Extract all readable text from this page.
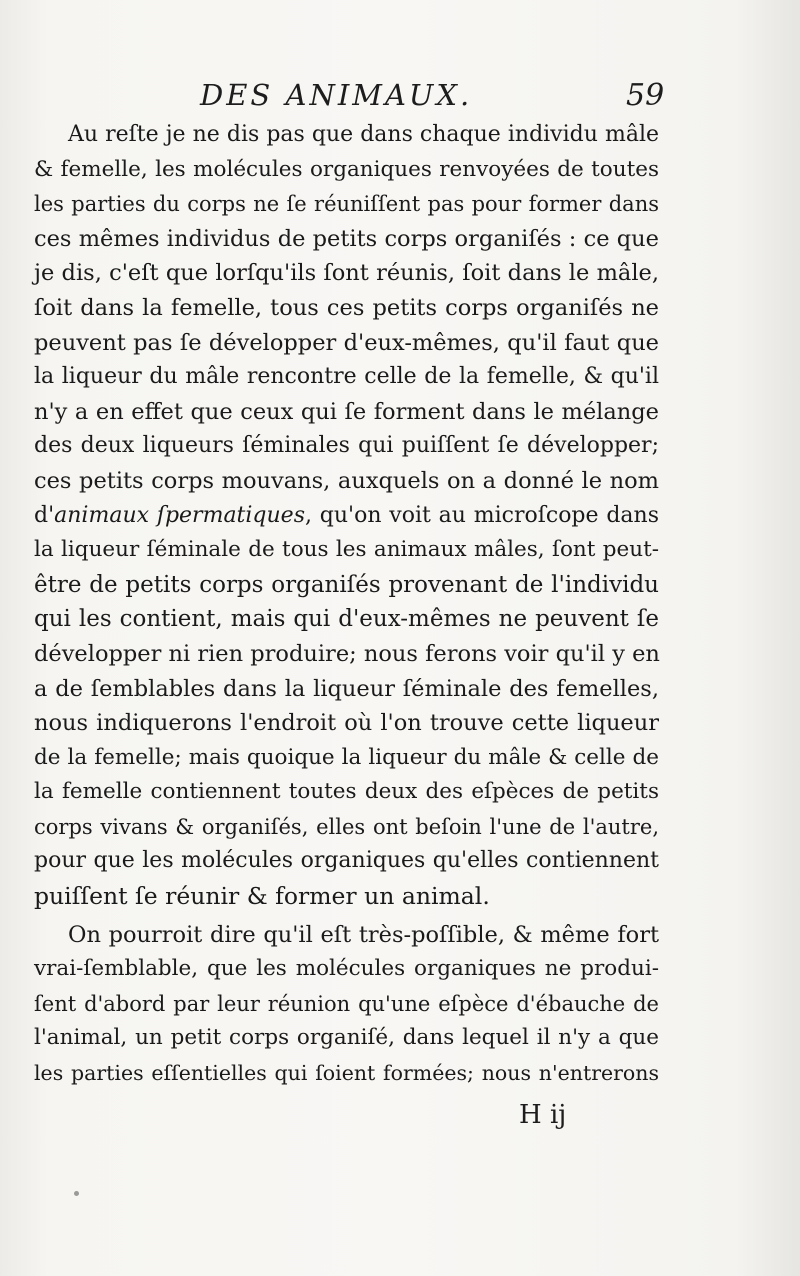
DES ANIMAUX.	59
Au reſte je ne dis pas que dans chaque individu mâle
& femelle, les molécules organiques renvoyées de toutes
les parties du corps ne ſe réuniſſent pas pour former dans
ces mêmes individus de petits corps organiſés : ce que
je dis, c'eſt que lorſqu'ils ſont réunis, ſoit dans le mâle,
ſoit dans la femelle, tous ces petits corps organiſés ne
peuvent pas ſe développer d'eux-mêmes, qu'il faut que
la liqueur du mâle rencontre celle de la femelle, & qu'il
n'y a en effet que ceux qui ſe forment dans le mélange
des deux liqueurs ſéminales qui puiſſent ſe développer;
ces petits corps mouvans, auxquels on a donné le nom
d'animaux ſpermatiques, qu'on voit au microſcope dans
la liqueur ſéminale de tous les animaux mâles, ſont peut-
être de petits corps organiſés provenant de l'individu
qui les contient, mais qui d'eux-mêmes ne peuvent ſe
développer ni rien produire; nous ferons voir qu'il y en
a de ſemblables dans la liqueur ſéminale des femelles,
nous indiquerons l'endroit où l'on trouve cette liqueur
de la femelle; mais quoique la liqueur du mâle & celle de
la femelle contiennent toutes deux des eſpèces de petits
corps vivans & organiſés, elles ont beſoin l'une de l'autre,
pour que les molécules organiques qu'elles contiennent
puiſſent ſe réunir & former un animal.
On pourroit dire qu'il eſt très-poſſible, & même fort
vrai-ſemblable, que les molécules organiques ne produi-
ſent d'abord par leur réunion qu'une eſpèce d'ébauche de
l'animal, un petit corps organiſé, dans lequel il n'y a que
les parties eſſentielles qui ſoient formées; nous n'entrerons
H ij
